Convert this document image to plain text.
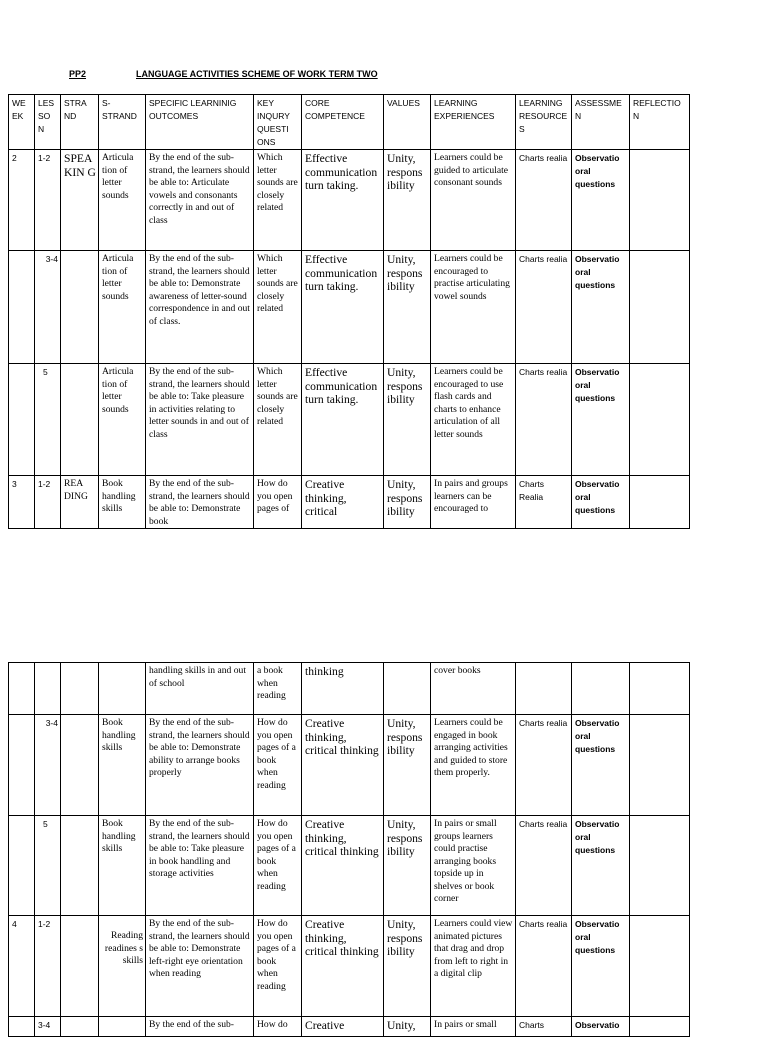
PP2	LANGUAGE ACTIVITIES SCHEME OF WORK TERM TWO
WE EK	LES SO N	STRA ND	S-STRAND	SPECIFIC LEARNINIG OUTCOMES	KEY INQURY QUESTI ONS	CORE COMPETENCE	VALUES	LEARNING EXPERIENCES	LEARNING RESOURCE S	ASSESSME N	REFLECTIO N
2	1-2	SPEA KIN G	Articula tion of letter sounds	By the end of the sub-strand, the learners should be able to: Articulate vowels and consonants correctly in and out of class	Which letter sounds are closely related	Effective communication turn taking.	Unity, respons ibility	Learners could be guided to articulate consonant sounds	Charts realia	Observatio oral questions	
	3-4		Articula tion of letter sounds	By the end of the sub-strand, the learners should be able to: Demonstrate awareness of letter-sound correspondence in and out of class.	Which letter sounds are closely related	Effective communication turn taking.	Unity, respons ibility	Learners could be encouraged to practise articulating vowel sounds	Charts realia	Observatio oral questions	
	5		Articula tion of letter sounds	By the end of the sub-strand, the learners should be able to: Take pleasure in activities relating to letter sounds in and out of class	Which letter sounds are closely related	Effective communication turn taking.	Unity, respons ibility	Learners could be encouraged to use flash cards and charts to enhance articulation of all letter sounds	Charts realia	Observatio oral questions	
3	1-2	REA DING	Book handling skills	By the end of the sub-strand, the learners should be able to: Demonstrate book	How do you open pages of	Creative thinking, critical	Unity, respons ibility	In pairs and groups learners can be encouraged to	Charts Realia	Observatio oral questions	
				handling skills in and out of school	a book when reading	thinking		cover books			
	3-4		Book handling skills	By the end of the sub-strand, the learners should be able to: Demonstrate ability to arrange books properly	How do you open pages of a book when reading	Creative thinking, critical thinking	Unity, respons ibility	Learners could be engaged in book arranging activities and guided to store them properly.	Charts realia	Observatio oral questions	
	5		Book handling skills	By the end of the sub-strand, the learners should be able to: Take pleasure in book handling and storage activities	How do you open pages of a book when reading	Creative thinking, critical thinking	Unity, respons ibility	In pairs or small groups learners could practise arranging books topside up in shelves or book corner	Charts realia	Observatio oral questions	
4	1-2		Reading readines s skills	By the end of the sub-strand, the learners should be able to: Demonstrate left-right eye orientation when reading	How do you open pages of a book when reading	Creative thinking, critical thinking	Unity, respons ibility	Learners could view animated pictures that drag and drop from left to right in a digital clip	Charts realia	Observatio oral questions	
	3-4			By the end of the sub-	How do	Creative	Unity,	In pairs or small	Charts	Observatio	
